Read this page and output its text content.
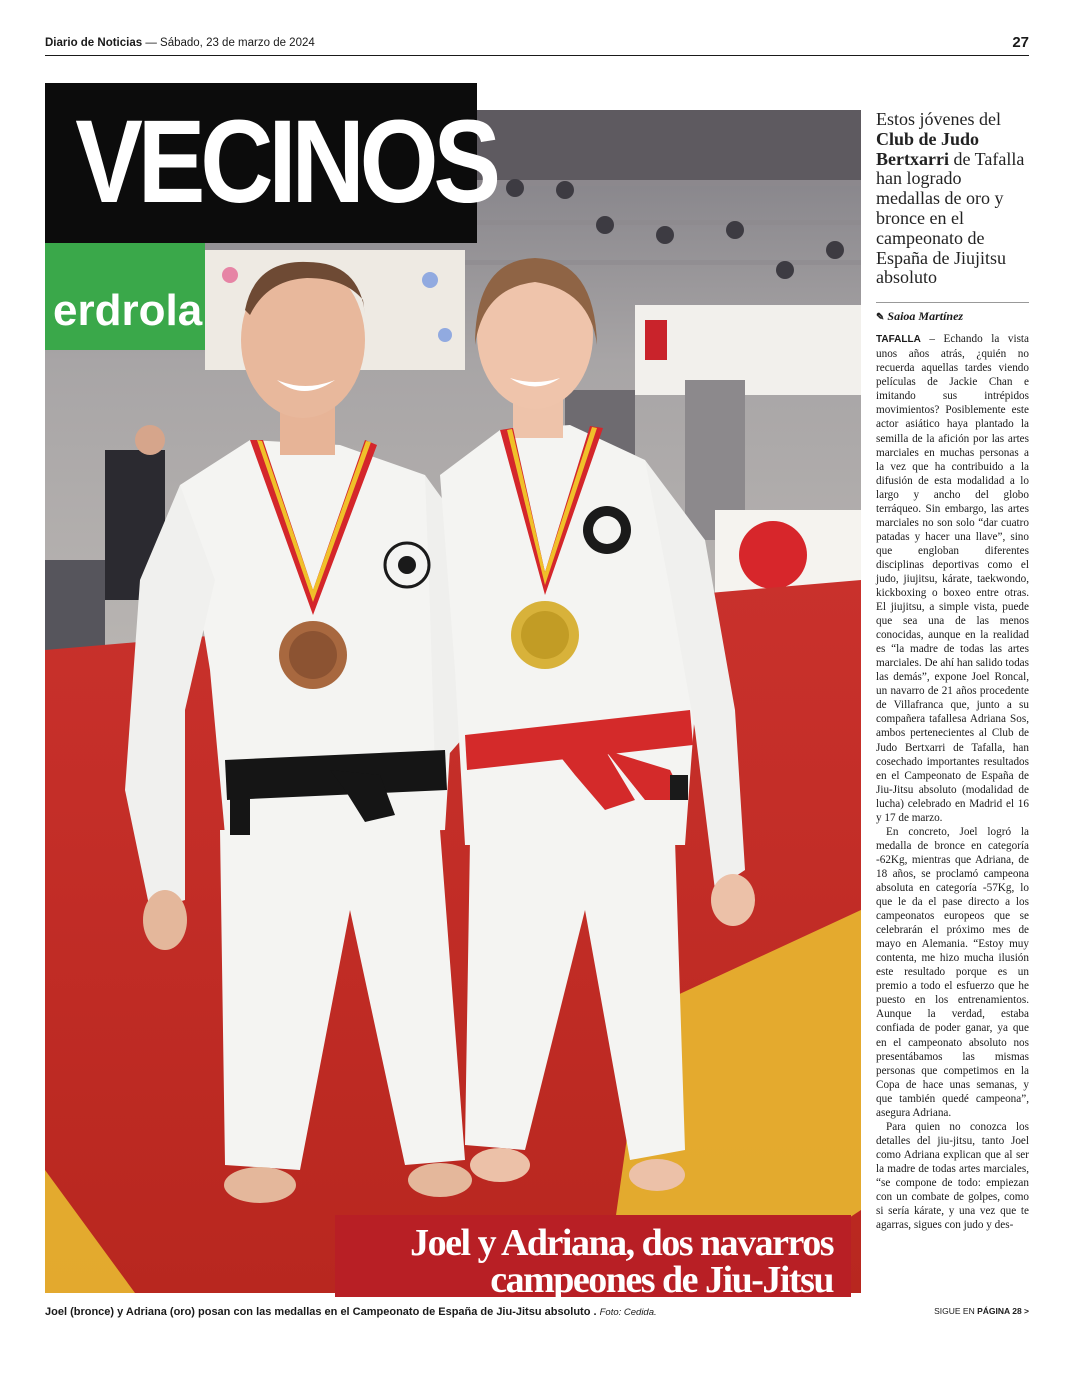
Diario de Noticias — Sábado, 23 de marzo de 2024	27
VECINOS
erdrola
Joel y Adriana, dos navarros
campeones de Jiu-Jitsu
Joel (bronce) y Adriana (oro) posan con las medallas en el Campeonato de España de Jiu-Jitsu absoluto . Foto: Cedida.
Estos jóvenes del Club de Judo Bertxarri de Tafalla han logrado medallas de oro y bronce en el campeonato de España de Jiujitsu absoluto
✎ Saioa Martínez

TAFALLA – Echando la vista unos años atrás, ¿quién no recuerda aquellas tardes viendo películas de Jackie Chan e imitando sus intrépidos movimientos? Posiblemente este actor asiático haya plantado la semilla de la afición por las artes marciales en muchas personas a la vez que ha contribuido a la difusión de esta modalidad a lo largo y ancho del globo terráqueo. Sin embargo, las artes marciales no son solo “dar cuatro patadas y hacer una llave”, sino que engloban diferentes disciplinas deportivas como el judo, jiujitsu, kárate, taekwondo, kickboxing o boxeo entre otras. El jiujitsu, a simple vista, puede que sea una de las menos conocidas, aunque en la realidad es “la madre de todas las artes marciales. De ahí han salido todas las demás”, expone Joel Roncal, un navarro de 21 años procedente de Villafranca que, junto a su compañera tafallesa Adriana Sos, ambos pertenecientes al Club de Judo Bertxarri de Tafalla, han cosechado importantes resultados en el Campeonato de España de Jiu-Jitsu absoluto (modalidad de lucha) celebrado en Madrid el 16 y 17 de marzo.

En concreto, Joel logró la medalla de bronce en categoría -62Kg, mientras que Adriana, de 18 años, se proclamó campeona absoluta en categoría -57Kg, lo que le da el pase directo a los campeonatos europeos que se celebrarán el próximo mes de mayo en Alemania. “Estoy muy contenta, me hizo mucha ilusión este resultado porque es un premio a todo el esfuerzo que he puesto en los entrenamientos. Aunque la verdad, estaba confiada de poder ganar, ya que en el campeonato absoluto nos presentábamos las mismas personas que competimos en la Copa de hace unas semanas, y que también quedé campeona”, asegura Adriana.

Para quien no conozca los detalles del jiu-jitsu, tanto Joel como Adriana explican que al ser la madre de todas artes marciales, “se compone de todo: empiezan con un combate de golpes, como si sería kárate, y una vez que te agarras, sigues con judo y des-

SIGUE EN PÁGINA 28 >
